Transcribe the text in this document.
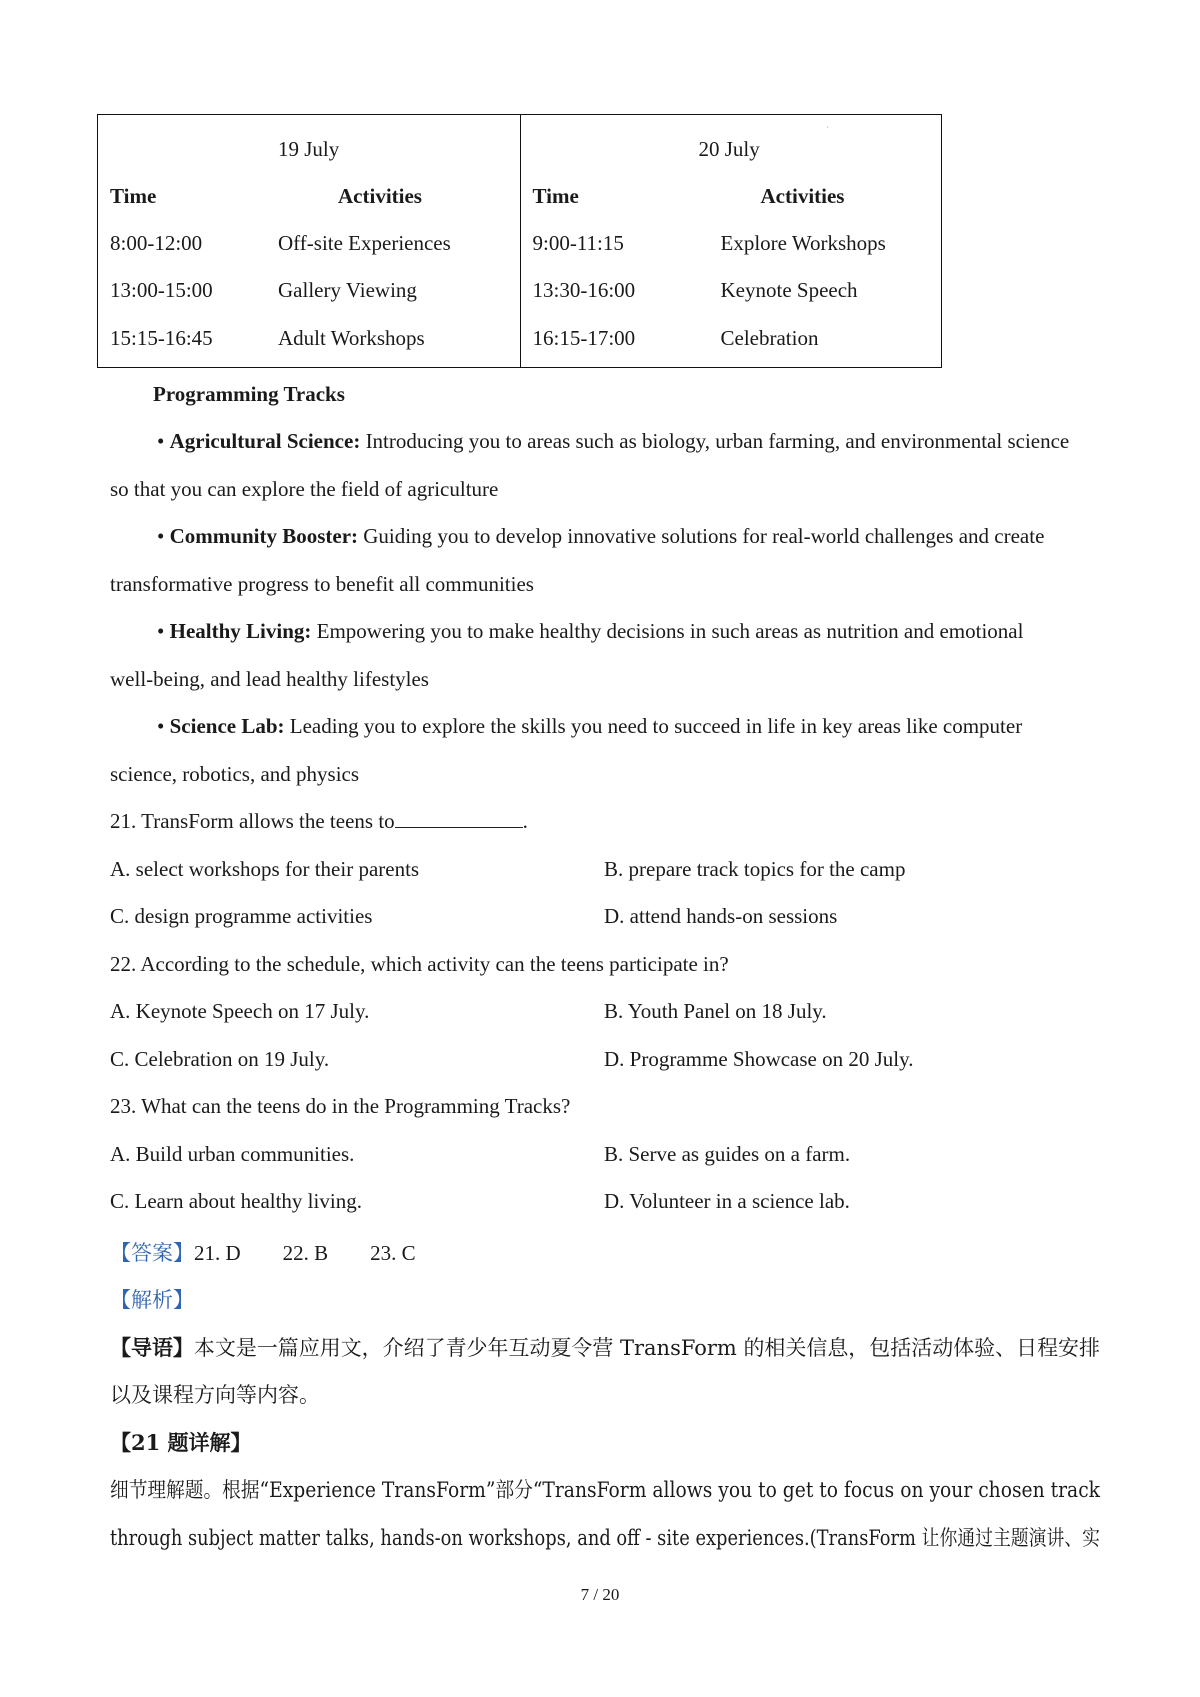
19 July
Time	Activities
8:00-12:00	Off-site Experiences
13:00-15:00	Gallery Viewing
15:15-16:45	Adult Workshops
·
20 July
Time	Activities
9:00-11:15	Explore Workshops
13:30-16:00	Keynote Speech
16:15-17:00	Celebration
Programming Tracks
• Agricultural Science: Introducing you to areas such as biology, urban farming, and environmental science
so that you can explore the field of agriculture
• Community Booster: Guiding you to develop innovative solutions for real-world challenges and create
transformative progress to benefit all communities
• Healthy Living: Empowering you to make healthy decisions in such areas as nutrition and emotional
well-being, and lead healthy lifestyles
• Science Lab: Leading you to explore the skills you need to succeed in life in key areas like computer
science, robotics, and physics
21. TransForm allows the teens to	.
A. select workshops for their parents	B. prepare track topics for the camp
C. design programme activities	D. attend hands-on sessions
22. According to the schedule, which activity can the teens participate in?
A. Keynote Speech on 17 July.	B. Youth Panel on 18 July.
C. Celebration on 19 July.	D. Programme Showcase on 20 July.
23. What can the teens do in the Programming Tracks?
A. Build urban communities.	B. Serve as guides on a farm.
C. Learn about healthy living.	D. Volunteer in a science lab.
【答案】21. D　　22. B　　23. C
【解析】
【导语】本文是一篇应用文，介绍了青少年互动夏令营 TransForm 的相关信息，包括活动体验、日程安排
以及课程方向等内容。
【21 题详解】
细节理解题。根据“Experience TransForm”部分“TransForm allows you to get to focus on your chosen track
through subject matter talks, hands-on workshops, and off - site experiences.(TransForm 让你通过主题演讲、实
7 / 20
